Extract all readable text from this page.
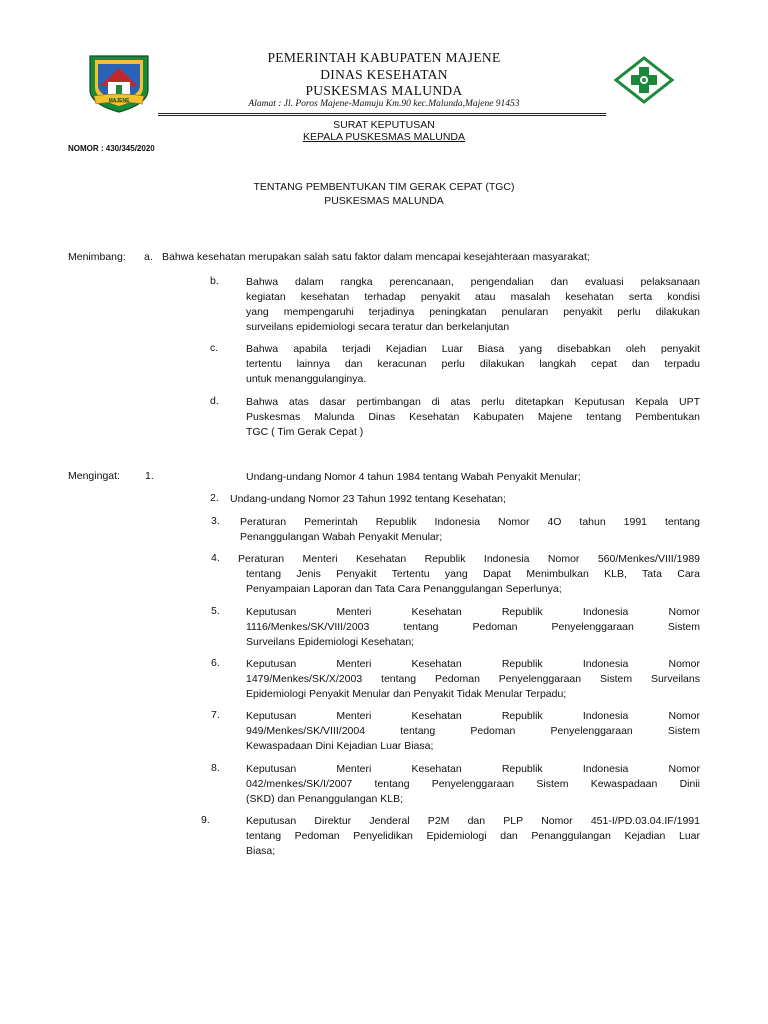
MAJENE
PEMERINTAH KABUPATEN MAJENE
DINAS KESEHATAN
PUSKESMAS MALUNDA
Alamat : Jl. Poros Majene-Mamuju Km.90 kec.Malunda,Majene 91453
SURAT KEPUTUSAN
KEPALA PUSKESMAS MALUNDA
NOMOR : 430/345/2020
TENTANG PEMBENTUKAN TIM GERAK CEPAT (TGC)
PUSKESMAS MALUNDA
Menimbang: a. Bahwa kesehatan merupakan salah satu faktor dalam mencapai kesejahteraan masyarakat;
b.	Bahwa dalam rangka perencanaan, pengendalian dan evaluasi pelaksanaan
kegiatan kesehatan terhadap penyakit atau masalah kesehatan serta kondisi
yang mempengaruhi terjadinya peningkatan penularan penyakit perlu dilakukan
surveilans epidemiologi secara teratur dan berkelanjutan
c.	Bahwa apabila terjadi Kejadian Luar Biasa yang disebabkan oleh penyakit
tertentu lainnya dan keracunan perlu dilakukan langkah cepat dan terpadu
untuk menanggulanginya.
d.	Bahwa atas dasar pertimbangan di atas perlu ditetapkan Keputusan Kepala UPT
Puskesmas Malunda Dinas Kesehatan Kabupaten Majene tentang Pembentukan
TGC ( Tim Gerak Cepat )
Mengingat: 1.	Undang-undang Nomor 4 tahun 1984 tentang Wabah Penyakit Menular;
2. Undang-undang Nomor 23 Tahun 1992 tentang Kesehatan;
3. Peraturan Pemerintah Republik Indonesia Nomor 4O tahun 1991 tentang
Penanggulangan Wabah Penyakit Menular;
4. Peraturan Menteri Kesehatan Republik Indonesia Nomor 560/Menkes/VIII/1989
tentang Jenis Penyakit Tertentu yang Dapat Menimbulkan KLB, Tata Cara
Penyampaian Laporan dan Tata Cara Penanggulangan Seperlunya;
5. Keputusan Menteri Kesehatan Republik Indonesia Nomor
1116/Menkes/SK/VIII/2003 tentang Pedoman Penyelenggaraan Sistem
Surveilans Epidemiologi Kesehatan;
6. Keputusan Menteri Kesehatan Republik Indonesia Nomor
1479/Menkes/SK/X/2003 tentang Pedoman Penyelenggaraan Sistem Surveilans
Epidemiologi Penyakit Menular dan Penyakit Tidak Menular Terpadu;
7. Keputusan Menteri Kesehatan Republik Indonesia Nomor
949/Menkes/SK/VIII/2004 tentang Pedoman Penyelenggaraan Sistem
Kewaspadaan Dini Kejadian Luar Biasa;
8. Keputusan Menteri Kesehatan Republik Indonesia Nomor
042/menkes/SK/I/2007 tentang Penyelenggaraan Sistem Kewaspadaan Dinii
(SKD) dan Penanggulangan KLB;
9.	Keputusan Direktur Jenderal P2M dan PLP Nomor 451-I/PD.03.04.IF/1991
tentang Pedoman Penyelidikan Epidemiologi dan Penanggulangan Kejadian Luar
Biasa;
